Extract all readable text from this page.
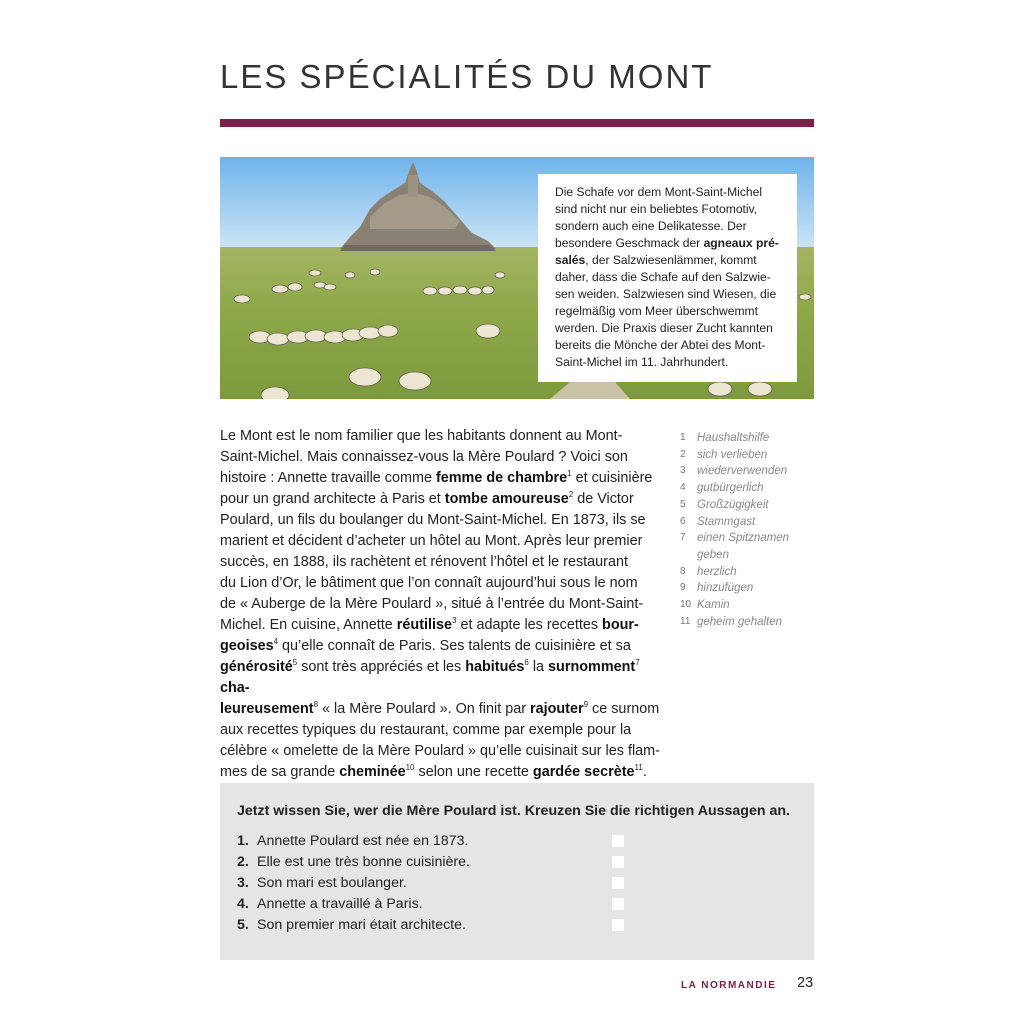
LES SPÉCIALITÉS DU MONT

Die Schafe vor dem Mont-Saint-Michel

sind nicht nur ein beliebtes Fotomotiv,

sondern auch eine Delikatesse. Der

besondere Geschmack der agneaux pré-

salés, der Salzwiesenlämmer, kommt

daher, dass die Schafe auf den Salzwie-

sen weiden. Salzwiesen sind Wiesen, die

regelmäßig vom Meer überschwemmt

werden. Die Praxis dieser Zucht kannten

bereits die Mönche der Abtei des Mont-

Saint-Michel im 11. Jahrhundert.

Le Mont est le nom familier que les habitants donnent au Mont-

Saint-Michel. Mais connaissez-vous la Mère Poulard ? Voici son

histoire : Annette travaille comme femme de chambre$^1$ et cuisinière

pour un grand architecte à Paris et tombe amoureuse$^2$ de Victor

Poulard, un fils du boulanger du Mont-Saint-Michel. En 1873, ils se

marient et décident d’acheter un hôtel au Mont. Après leur premier

succès, en 1888, ils rachètent et rénovent l’hôtel et le restaurant

du Lion d’Or, le bâtiment que l’on connaît aujourd’hui sous le nom

de « Auberge de la Mère Poulard », situé à l’entrée du Mont-Saint-

Michel. En cuisine, Annette réutilise$^3$ et adapte les recettes bour-

geoises$^4$ qu’elle connaît de Paris. Ses talents de cuisinière et sa

générosité$^5$ sont très appréciés et les habitués$^6$ la surnomment$^7$ cha-

leureusement$^8$ « la Mère Poulard ». On finit par rajouter$^9$ ce surnom

aux recettes typiques du restaurant, comme par exemple pour la

célèbre « omelette de la Mère Poulard » qu’elle cuisinait sur les flam-

mes de sa grande cheminée$^{10}$ selon une recette gardée secrète$^{11}$.

1 Haushaltshilfe
2 sich verlieben
3 wiederverwenden
4 gutbürgerlich
5 Großzügigkeit
6 Stammgast
7 einen Spitznamen
geben
8 herzlich
9 hinzufügen
10 Kamin
11 geheim gehalten
Jetzt wissen Sie, wer die Mère Poulard ist. Kreuzen Sie die richtigen Aussagen an.
1. Annette Poulard est née en 1873.
2. Elle est une très bonne cuisinière.
3. Son mari est boulanger.
4. Annette a travaillé à Paris.
5. Son premier mari était architecte.
LA NORMANDIE 23
